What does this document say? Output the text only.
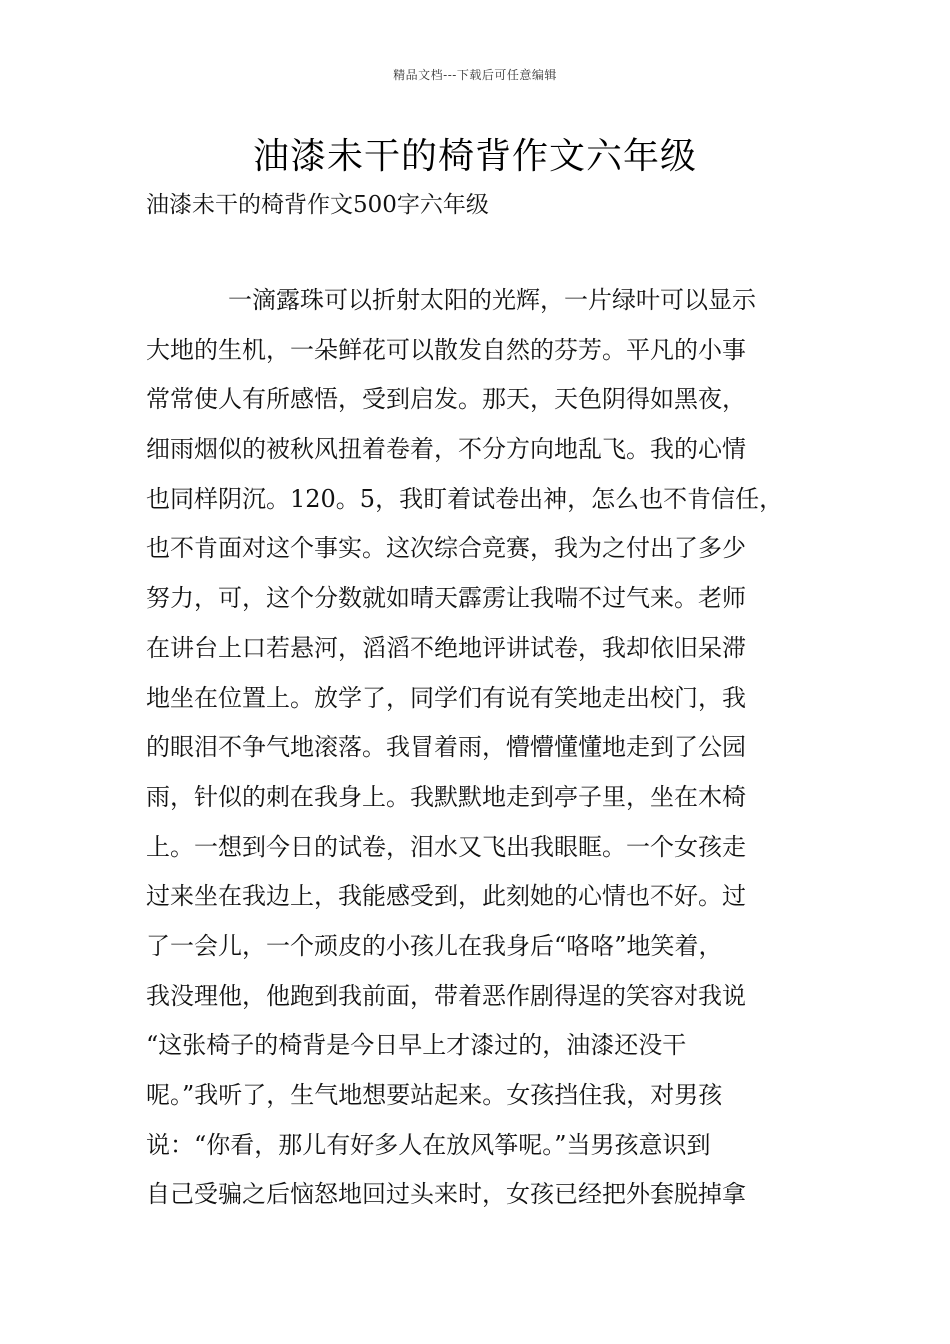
精品文档---下载后可任意编辑
油漆未干的椅背作文六年级
油漆未干的椅背作文500字六年级
一滴露珠可以折射太阳的光辉，一片绿叶可以显示
大地的生机，一朵鲜花可以散发自然的芬芳。平凡的小事
常常使人有所感悟，受到启发。那天，天色阴得如黑夜，
细雨烟似的被秋风扭着卷着，不分方向地乱飞。我的心情
也同样阴沉。120。5，我盯着试卷出神，怎么也不肯信任，
也不肯面对这个事实。这次综合竞赛，我为之付出了多少
努力，可，这个分数就如晴天霹雳让我喘不过气来。老师
在讲台上口若悬河，滔滔不绝地评讲试卷，我却依旧呆滞
地坐在位置上。放学了，同学们有说有笑地走出校门，我
的眼泪不争气地滚落。我冒着雨，懵懵懂懂地走到了公园
雨，针似的刺在我身上。我默默地走到亭子里，坐在木椅
上。一想到今日的试卷，泪水又飞出我眼眶。一个女孩走
过来坐在我边上，我能感受到，此刻她的心情也不好。过
了一会儿，一个顽皮的小孩儿在我身后“咯咯”地笑着，
我没理他，他跑到我前面，带着恶作剧得逞的笑容对我说
“这张椅子的椅背是今日早上才漆过的，油漆还没干
呢。”我听了，生气地想要站起来。女孩挡住我，对男孩
说：“你看，那儿有好多人在放风筝呢。”当男孩意识到
自己受骗之后恼怒地回过头来时，女孩已经把外套脱掉拿
